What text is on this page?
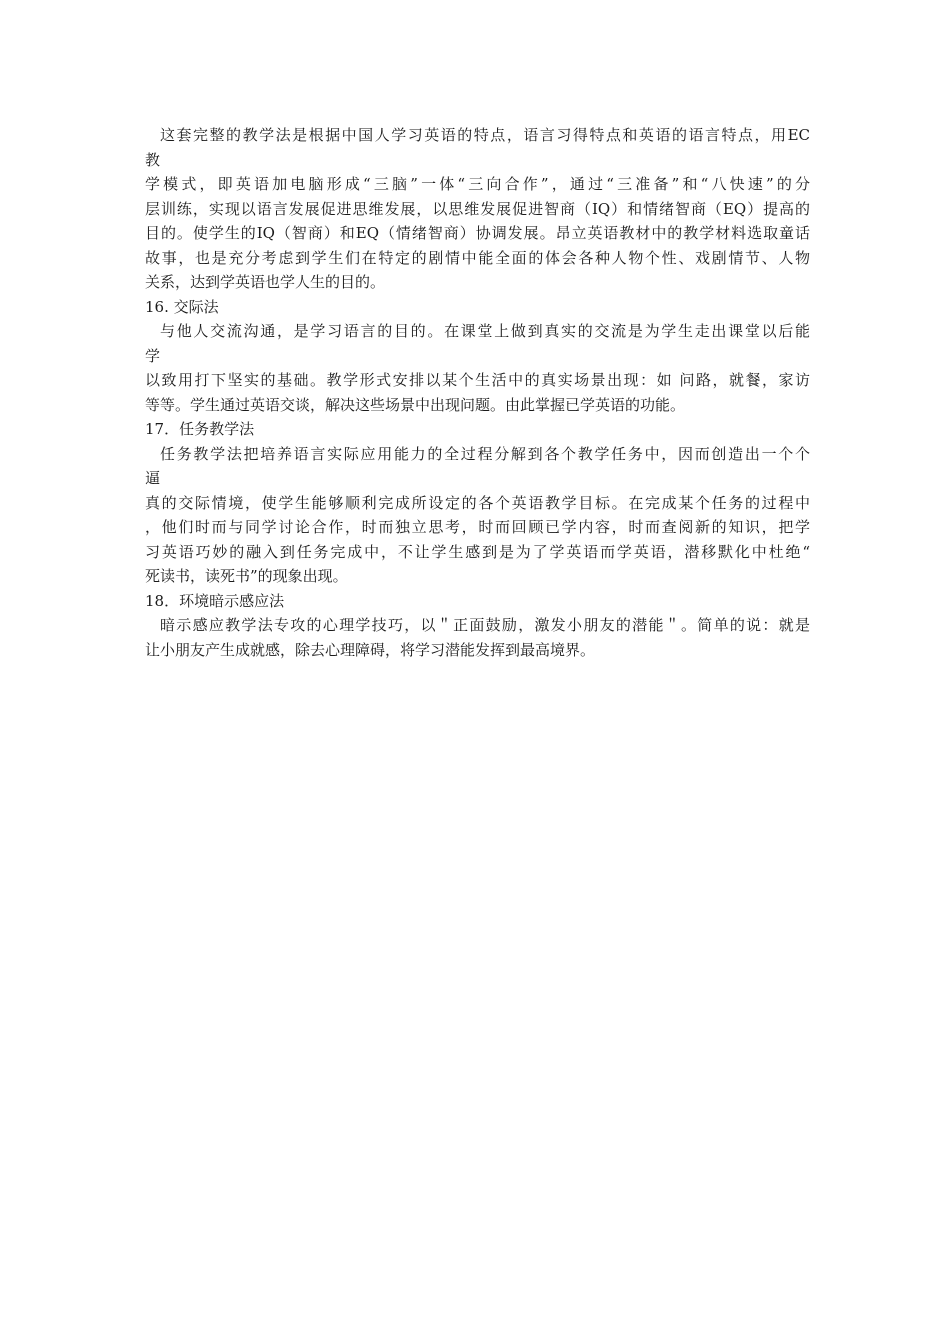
这套完整的教学法是根据中国人学习英语的特点，语言习得特点和英语的语言特点，用EC
教
学模式，即英语加电脑形成“三脑”一体“三向合作”，通过“三准备”和“八快速”的分
层训练，实现以语言发展促进思维发展，以思维发展促进智商（IQ）和情绪智商（EQ）提高的
目的。使学生的IQ（智商）和EQ（情绪智商）协调发展。昂立英语教材中的教学材料选取童话
故事，也是充分考虑到学生们在特定的剧情中能全面的体会各种人物个性、戏剧情节、人物
关系，达到学英语也学人生的目的。
16. 交际法
与他人交流沟通，是学习语言的目的。在课堂上做到真实的交流是为学生走出课堂以后能
学
以致用打下坚实的基础。教学形式安排以某个生活中的真实场景出现：如 问路，就餐，家访
等等。学生通过英语交谈，解决这些场景中出现问题。由此掌握已学英语的功能。
17．任务教学法
任务教学法把培养语言实际应用能力的全过程分解到各个教学任务中，因而创造出一个个
逼
真的交际情境，使学生能够顺利完成所设定的各个英语教学目标。在完成某个任务的过程中
，他们时而与同学讨论合作，时而独立思考，时而回顾已学内容，时而查阅新的知识，把学
习英语巧妙的融入到任务完成中，不让学生感到是为了学英语而学英语，潜移默化中杜绝“
死读书，读死书”的现象出现。
18．环境暗示感应法
暗示感应教学法专攻的心理学技巧，以＂正面鼓励，激发小朋友的潜能＂。简单的说：就是
让小朋友产生成就感，除去心理障碍，将学习潜能发挥到最高境界。
